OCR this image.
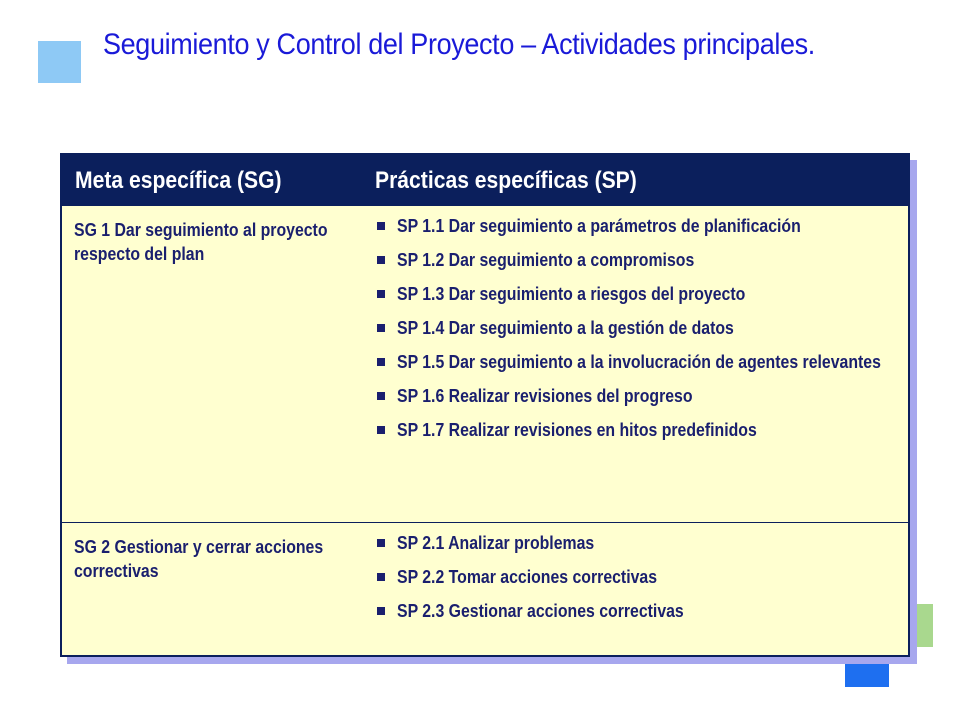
Seguimiento y Control del Proyecto – Actividades principales.
Meta específica (SG)	Prácticas específicas (SP)
SG 1 Dar seguimiento al proyecto respecto del plan
SP 1.1 Dar seguimiento a parámetros de planificación
SP 1.2 Dar seguimiento a compromisos
SP 1.3 Dar seguimiento a riesgos del proyecto
SP 1.4 Dar seguimiento a la gestión de datos
SP 1.5 Dar seguimiento a la involucración de agentes relevantes
SP 1.6 Realizar revisiones del progreso
SP 1.7 Realizar revisiones en hitos predefinidos
SG 2 Gestionar y cerrar acciones correctivas
SP 2.1 Analizar problemas
SP 2.2 Tomar acciones correctivas
SP 2.3 Gestionar acciones correctivas
